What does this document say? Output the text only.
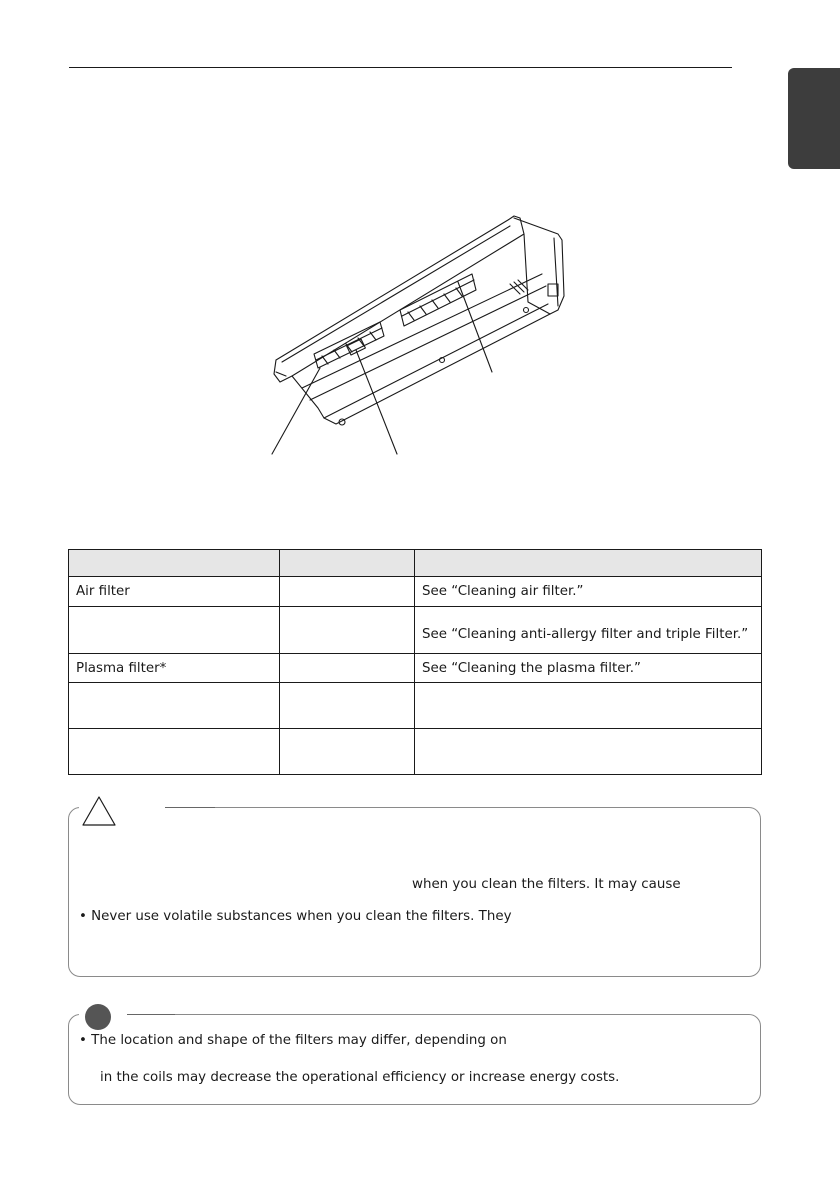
Air filter		See “Cleaning air filter.”
		See “Cleaning anti-allergy filter and triple Filter.”
Plasma filter*		See “Cleaning the plasma filter.”

when you clean the filters. It may cause
• Never use volatile substances when you clean the filters. They
• The location and shape of the filters may differ, depending on
in the coils may decrease the operational efficiency or increase energy costs.
